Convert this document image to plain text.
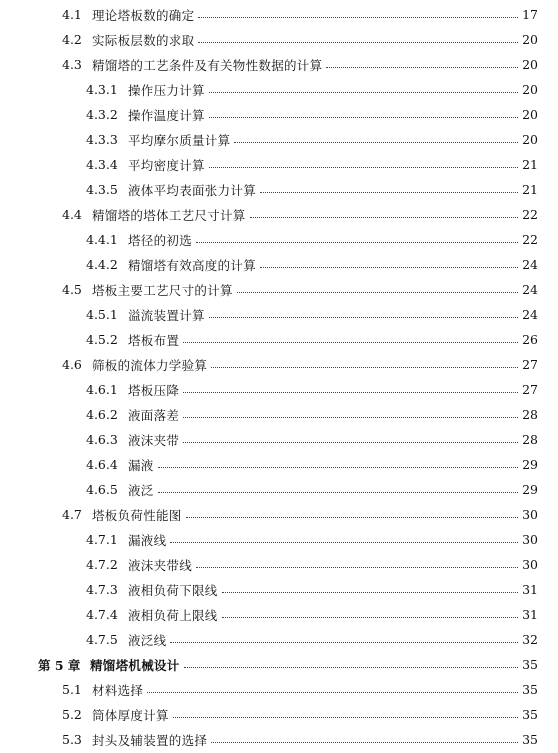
4.1 理论塔板数的确定	17
4.2 实际板层数的求取	20
4.3 精馏塔的工艺条件及有关物性数据的计算	20
4.3.1 操作压力计算	20
4.3.2 操作温度计算	20
4.3.3 平均摩尔质量计算	20
4.3.4 平均密度计算	21
4.3.5 液体平均表面张力计算	21
4.4 精馏塔的塔体工艺尺寸计算	22
4.4.1 塔径的初选	22
4.4.2 精馏塔有效高度的计算	24
4.5 塔板主要工艺尺寸的计算	24
4.5.1 溢流装置计算	24
4.5.2 塔板布置	26
4.6 筛板的流体力学验算	27
4.6.1 塔板压降	27
4.6.2 液面落差	28
4.6.3 液沫夹带	28
4.6.4 漏液	29
4.6.5 液泛	29
4.7 塔板负荷性能图	30
4.7.1 漏液线	30
4.7.2 液沫夹带线	30
4.7.3 液相负荷下限线	31
4.7.4 液相负荷上限线	31
4.7.5 液泛线	32
第 5 章 精馏塔机械设计	35
5.1 材料选择	35
5.2 筒体厚度计算	35
5.3 封头及辅装置的选择	35
